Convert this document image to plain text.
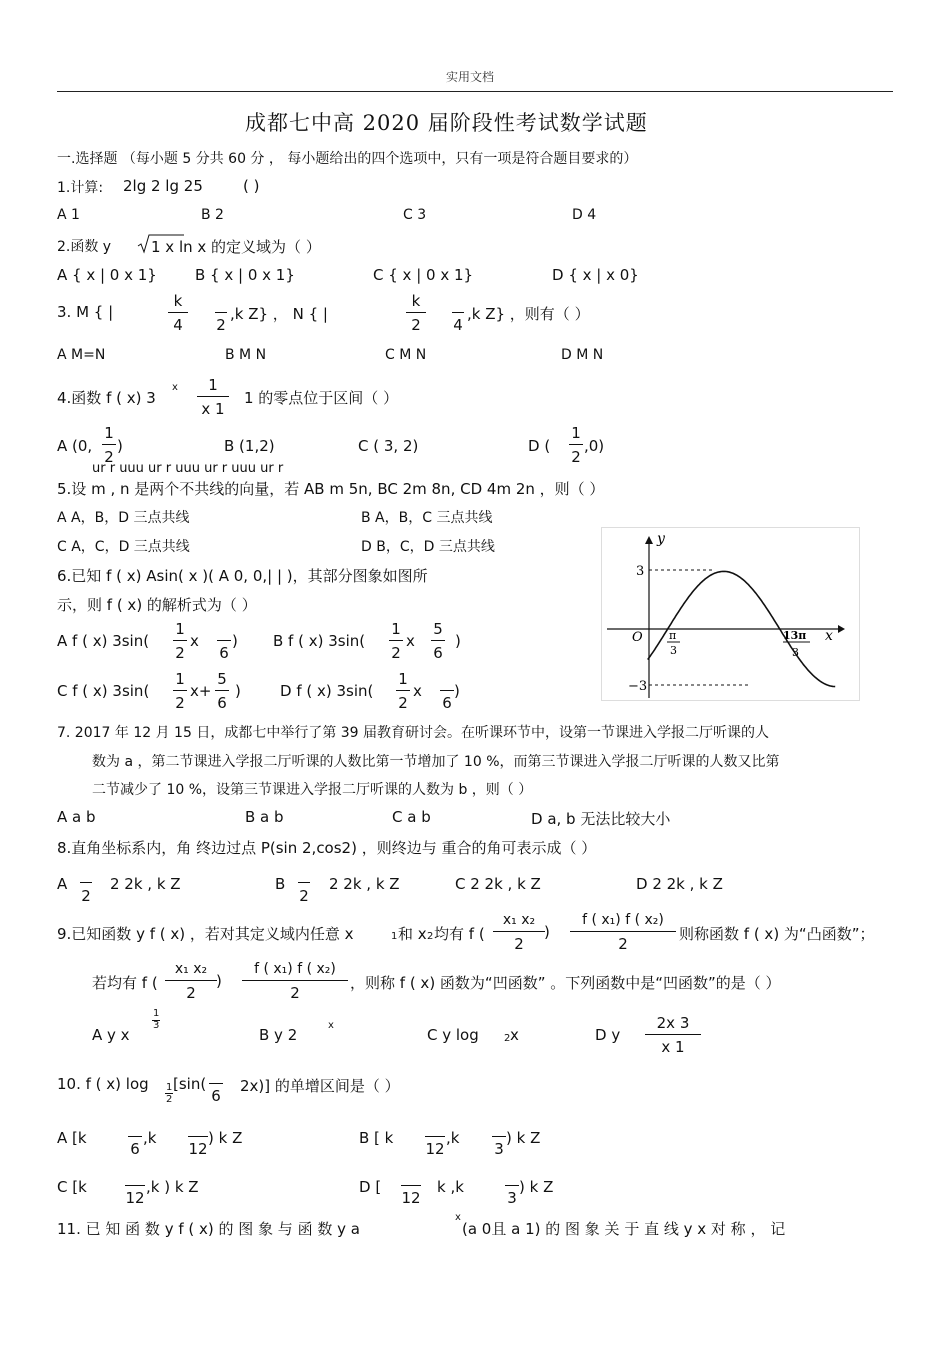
实用文档
成都七中高 2020 届阶段性考试数学试题
一.选择题 （每小题 5 分共 60 分 ， 每小题给出的四个选项中，只有一项是符合题目要求的）
1.计算: 2lg 2 lg 25	( )
A 1	B 2	C 3	D 4
2.函数 y	1 x ln x 的定义域为（ ）
A { x | 0 x 1}	B { x | 0 x 1}	C { x | 0 x 1}	D { x | x 0}
3. M { |
k
4	2
,k Z} ， N { |
k
2	4
,k Z} ，则有（ ）
A M=N	B M N	C M N	D M N
4.函数 f ( x) 3
x	1
x 1
1 的零点位于区间（ ）
A (0,
1
2
)	B (1,2)	C ( 3, 2)	D (
1
2
,0)
ur r uuu ur r uuu ur r uuu ur r
5.设 m , n 是两个不共线的向量，若 AB m 5n, BC 2m 8n, CD 4m 2n ，则（ ）
A A，B，D 三点共线	B A，B，C 三点共线
C A，C，D 三点共线	D B，C，D 三点共线	y
x
O
3
−3
π
3
13π
3
6.已知 f ( x) Asin( x )( A 0, 0,| | )，其部分图象如图所
示，则 f ( x) 的解析式为（ ）
A f ( x) 3sin(
1
2
x
6
) B f ( x) 3sin(
1
2
x
5
6
)
C f ( x) 3sin(
1
2
x+
5
6
)	D f ( x) 3sin(
1
2
x
6
)
7. 2017 年 12 月 15 日，成都七中举行了第 39 届教育研讨会。在听课环节中，设第一节课进入学报二厅听课的人
数为 a ，第二节课进入学报二厅听课的人数比第一节增加了 10 %，而第三节课进入学报二厅听课的人数又比第
二节减少了 10 %，设第三节课进入学报二厅听课的人数为 b ，则（ ）
A a b	B a b	C a b	D a, b 无法比较大小
8.直角坐标系内，角 终边过点 P(sin 2,cos2) ，则终边与 重合的角可表示成（ ）
A
2
2 2k , k Z	B
2
2 2k , k Z	C 2 2k , k Z	D 2 2k , k Z
9.已知函数 y f ( x) ，若对其定义域内任意 x	1 和 x 2 均有 f (
x₁ x₂
2
)
f ( x₁) f ( x₂)
2
则称函数 f ( x) 为“凸函数”；
若均有 f (
x₁ x₂
2
)
f ( x₁) f ( x₂)
2
，则称 f ( x) 函数为“凹函数” 。下列函数中是“凹函数”的是（ ）
A y x
1
3
B y 2
x
C y log	2 x	D y
2x 3
x 1
10. f ( x) log 1
2
[sin(
6
2x)] 的单增区间是（ ）
A [k
6
,k
12
) k Z	B [ k
12
,k
3
) k Z
C [k
12
,k ) k Z	D [
12
k ,k
3
) k Z
11. 已 知 函 数 y f ( x) 的 图 象 与 函 数 y a
x
(a 0且 a 1) 的 图 象 关 于 直 线 y x 对 称 ， 记
